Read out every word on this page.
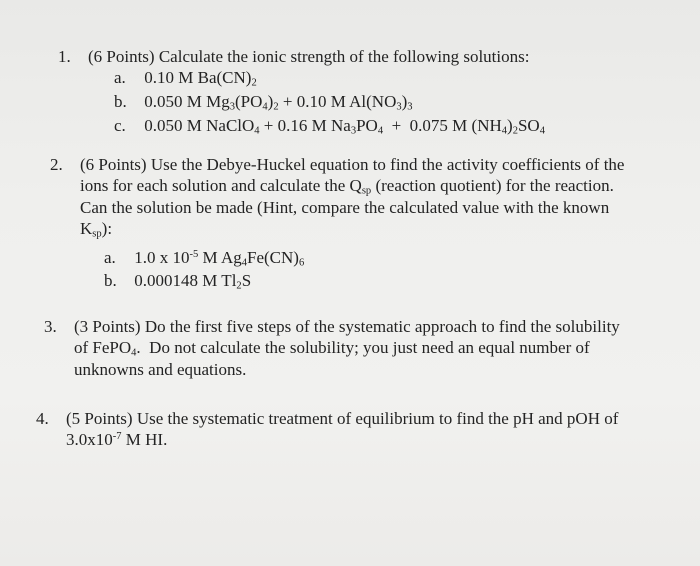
1. (6 Points) Calculate the ionic strength of the following solutions:
a. 0.10 M $Ba(CN)_2$
b. 0.050 M $Mg_3(PO_4)_2 + 0.10$ M $Al(NO_3)_3$
c. 0.050 M NaClO$_4$ + 0.16 M $Na_3PO_4 + 0.075$ M $(NH_4)_2SO_4$
2. (6 Points) Use the Debye-Huckel equation to find the activity coefficients of the
ions for each solution and calculate the $Q_{sp}$ (reaction quotient) for the reaction.
Can the solution be made (Hint, compare the calculated value with the known
$K_{sp}$):
a. 1.0 x $10^{-5}$ M $Ag_4Fe(CN)_6$
b. 0.000148 M $Tl_2S$
3. (3 Points) Do the first five steps of the systematic approach to find the solubility
of FePO$_4$.  Do not calculate the solubility; you just need an equal number of
unknowns and equations.
4. (5 Points) Use the systematic treatment of equilibrium to find the pH and pOH of
$3.0x10^{-7}$ M HI.
